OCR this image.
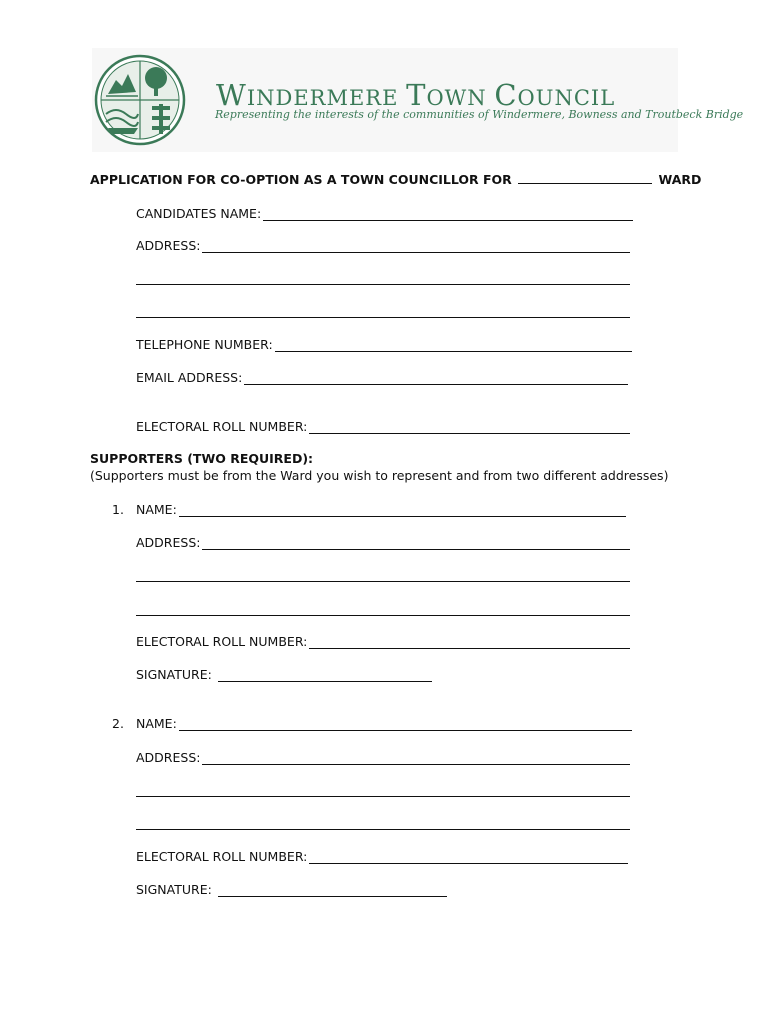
WINDERMERE TOWN COUNCIL
Representing the interests of the communities of Windermere, Bowness and Troutbeck Bridge
APPLICATION FOR CO-OPTION AS A TOWN COUNCILLOR FOR	WARD
CANDIDATES NAME:
ADDRESS:
TELEPHONE NUMBER:
EMAIL ADDRESS:
ELECTORAL ROLL NUMBER:
SUPPORTERS (TWO REQUIRED):
(Supporters must be from the Ward you wish to represent and from two different addresses)
1. NAME:
ADDRESS:
ELECTORAL ROLL NUMBER:
SIGNATURE:
2. NAME:
ADDRESS:
ELECTORAL ROLL NUMBER:
SIGNATURE:
